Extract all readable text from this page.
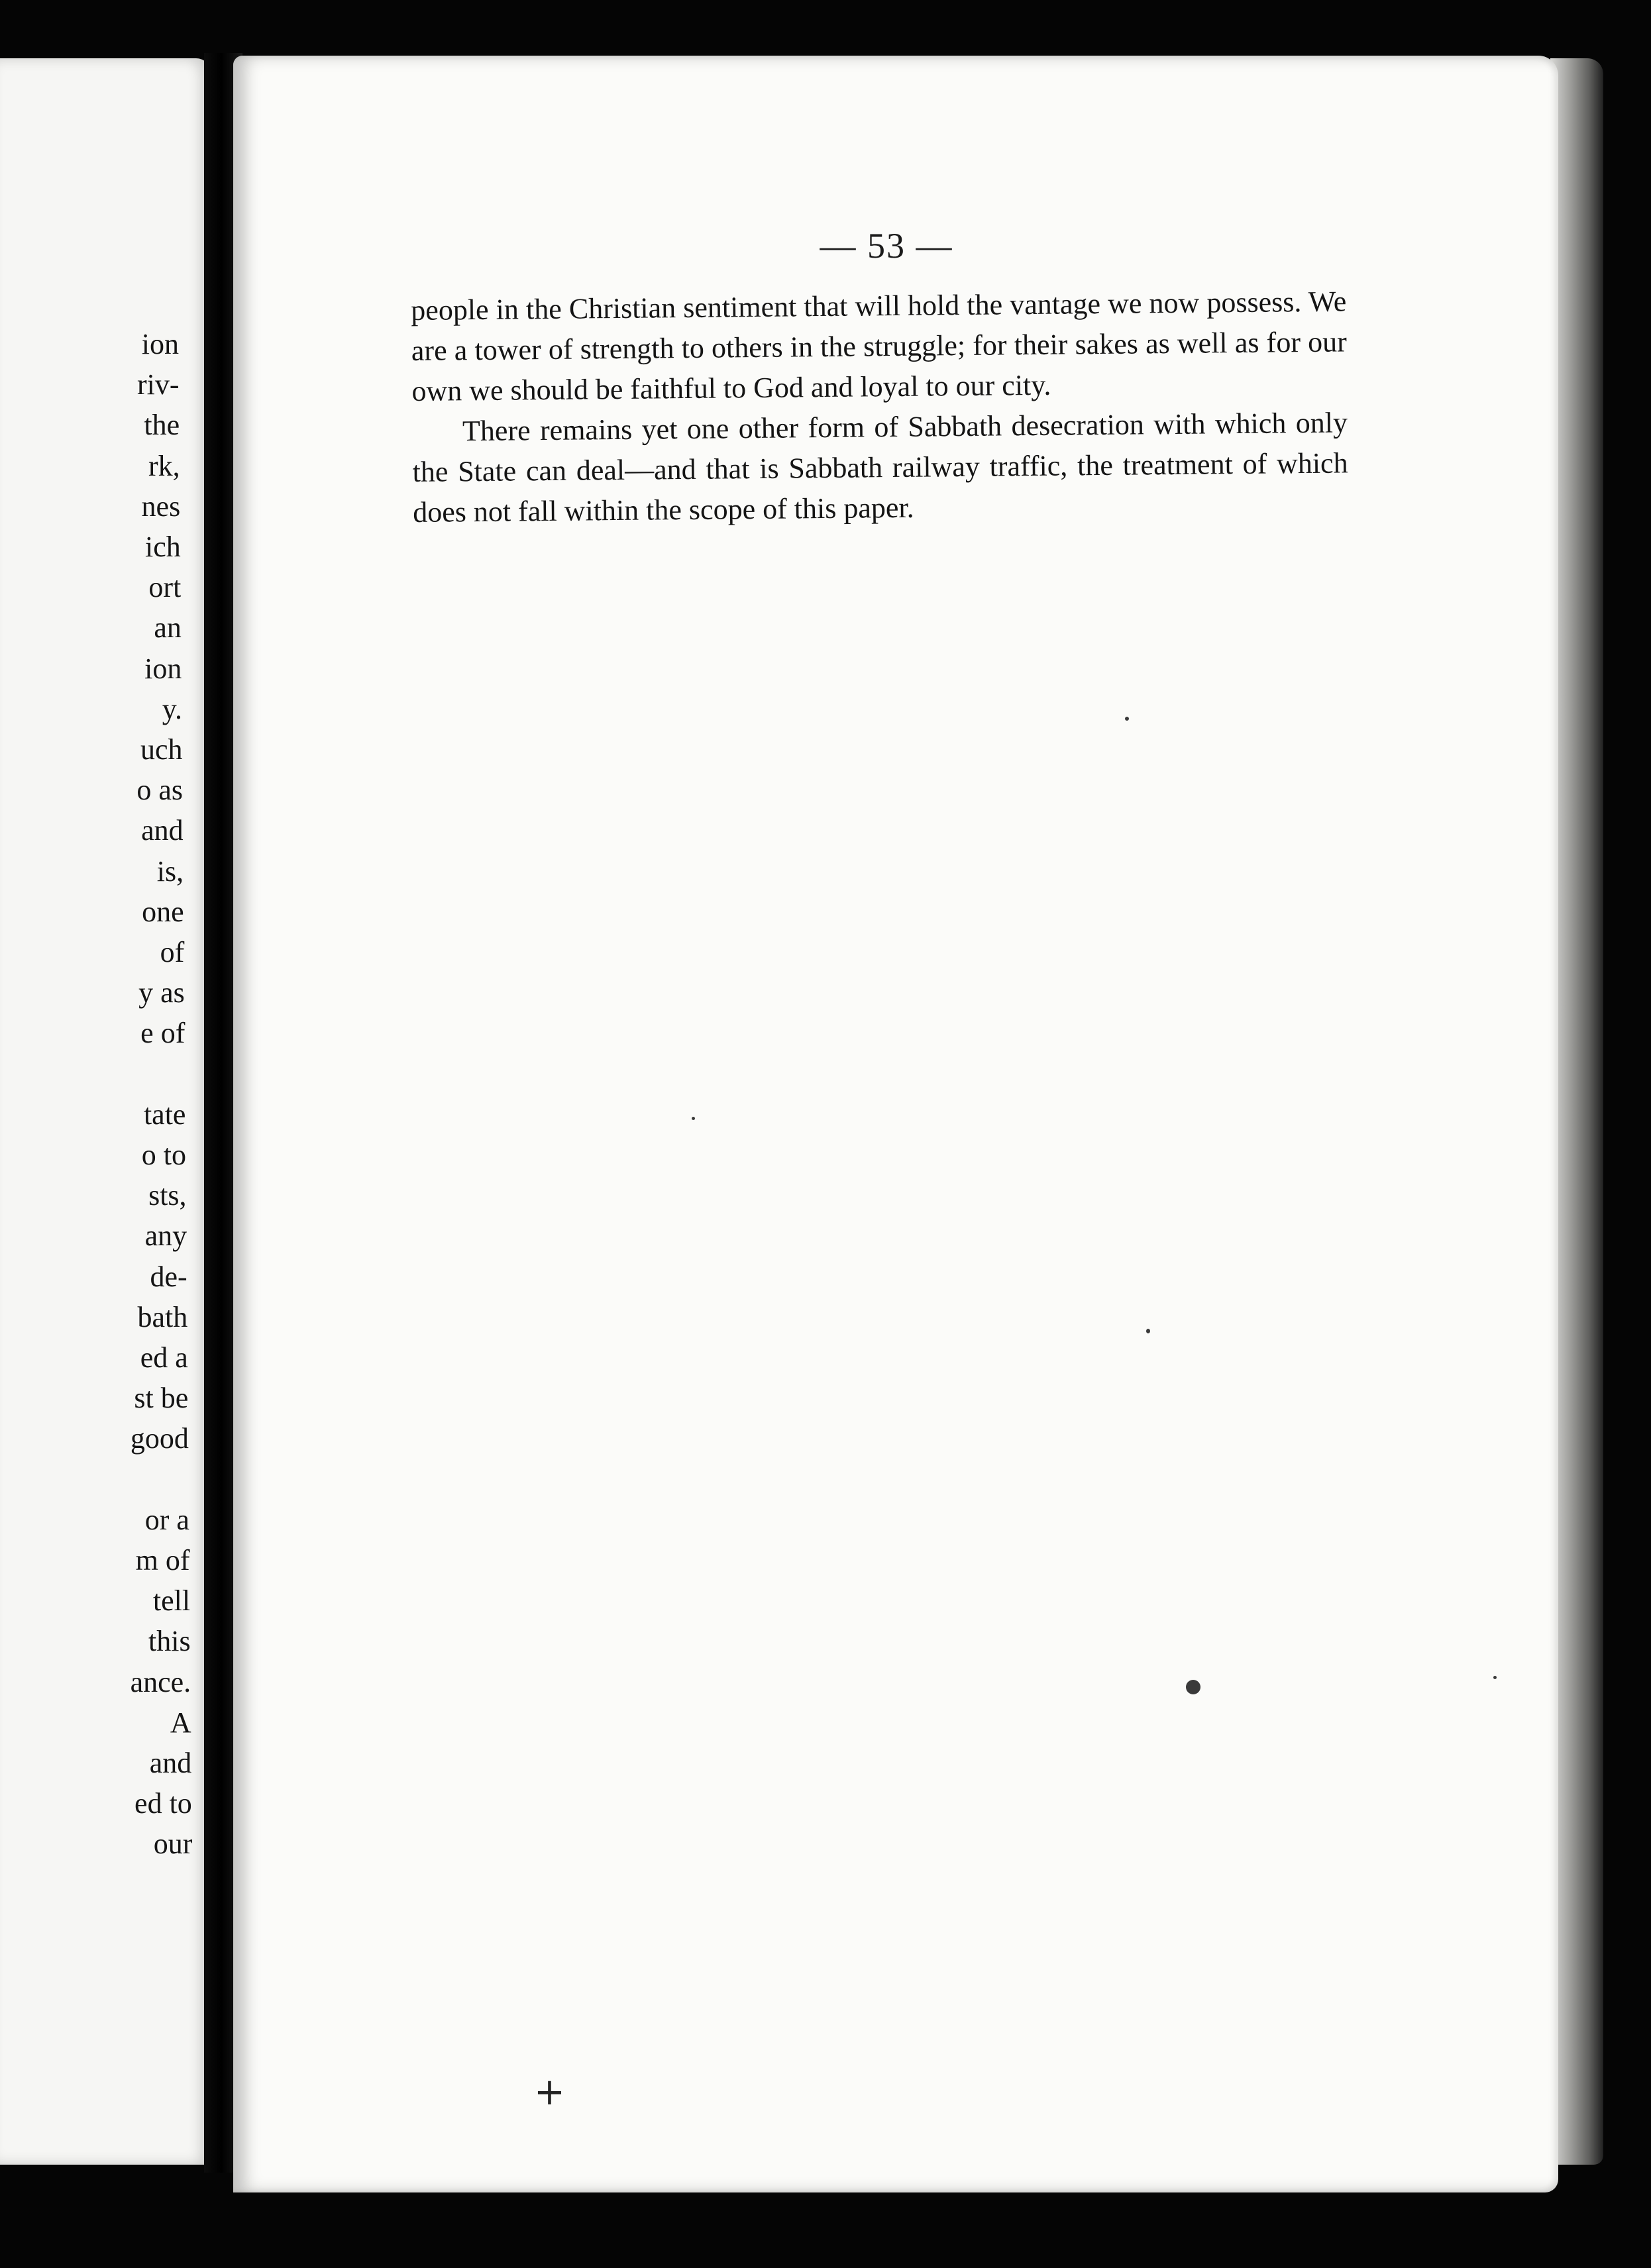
ion
riv-
the
rk,
nes
ich
ort
an
ion
y.
uch
o as
and
is,
one
of
y as
e of
tate
o to
sts,
any
de-
bath
ed a
st be
good
or a
m of
tell
this
ance.
A
and
ed to
our
— 53 —

people in the Christian sentiment that will hold the vantage we now possess. We are a tower of strength to others in the struggle; for their sakes as well as for our own we should be faithful to God and loyal to our city.

There remains yet one other form of Sabbath desecration with which only the State can deal—and that is Sabbath railway traffic, the treatment of which does not fall within the scope of this paper.

+
